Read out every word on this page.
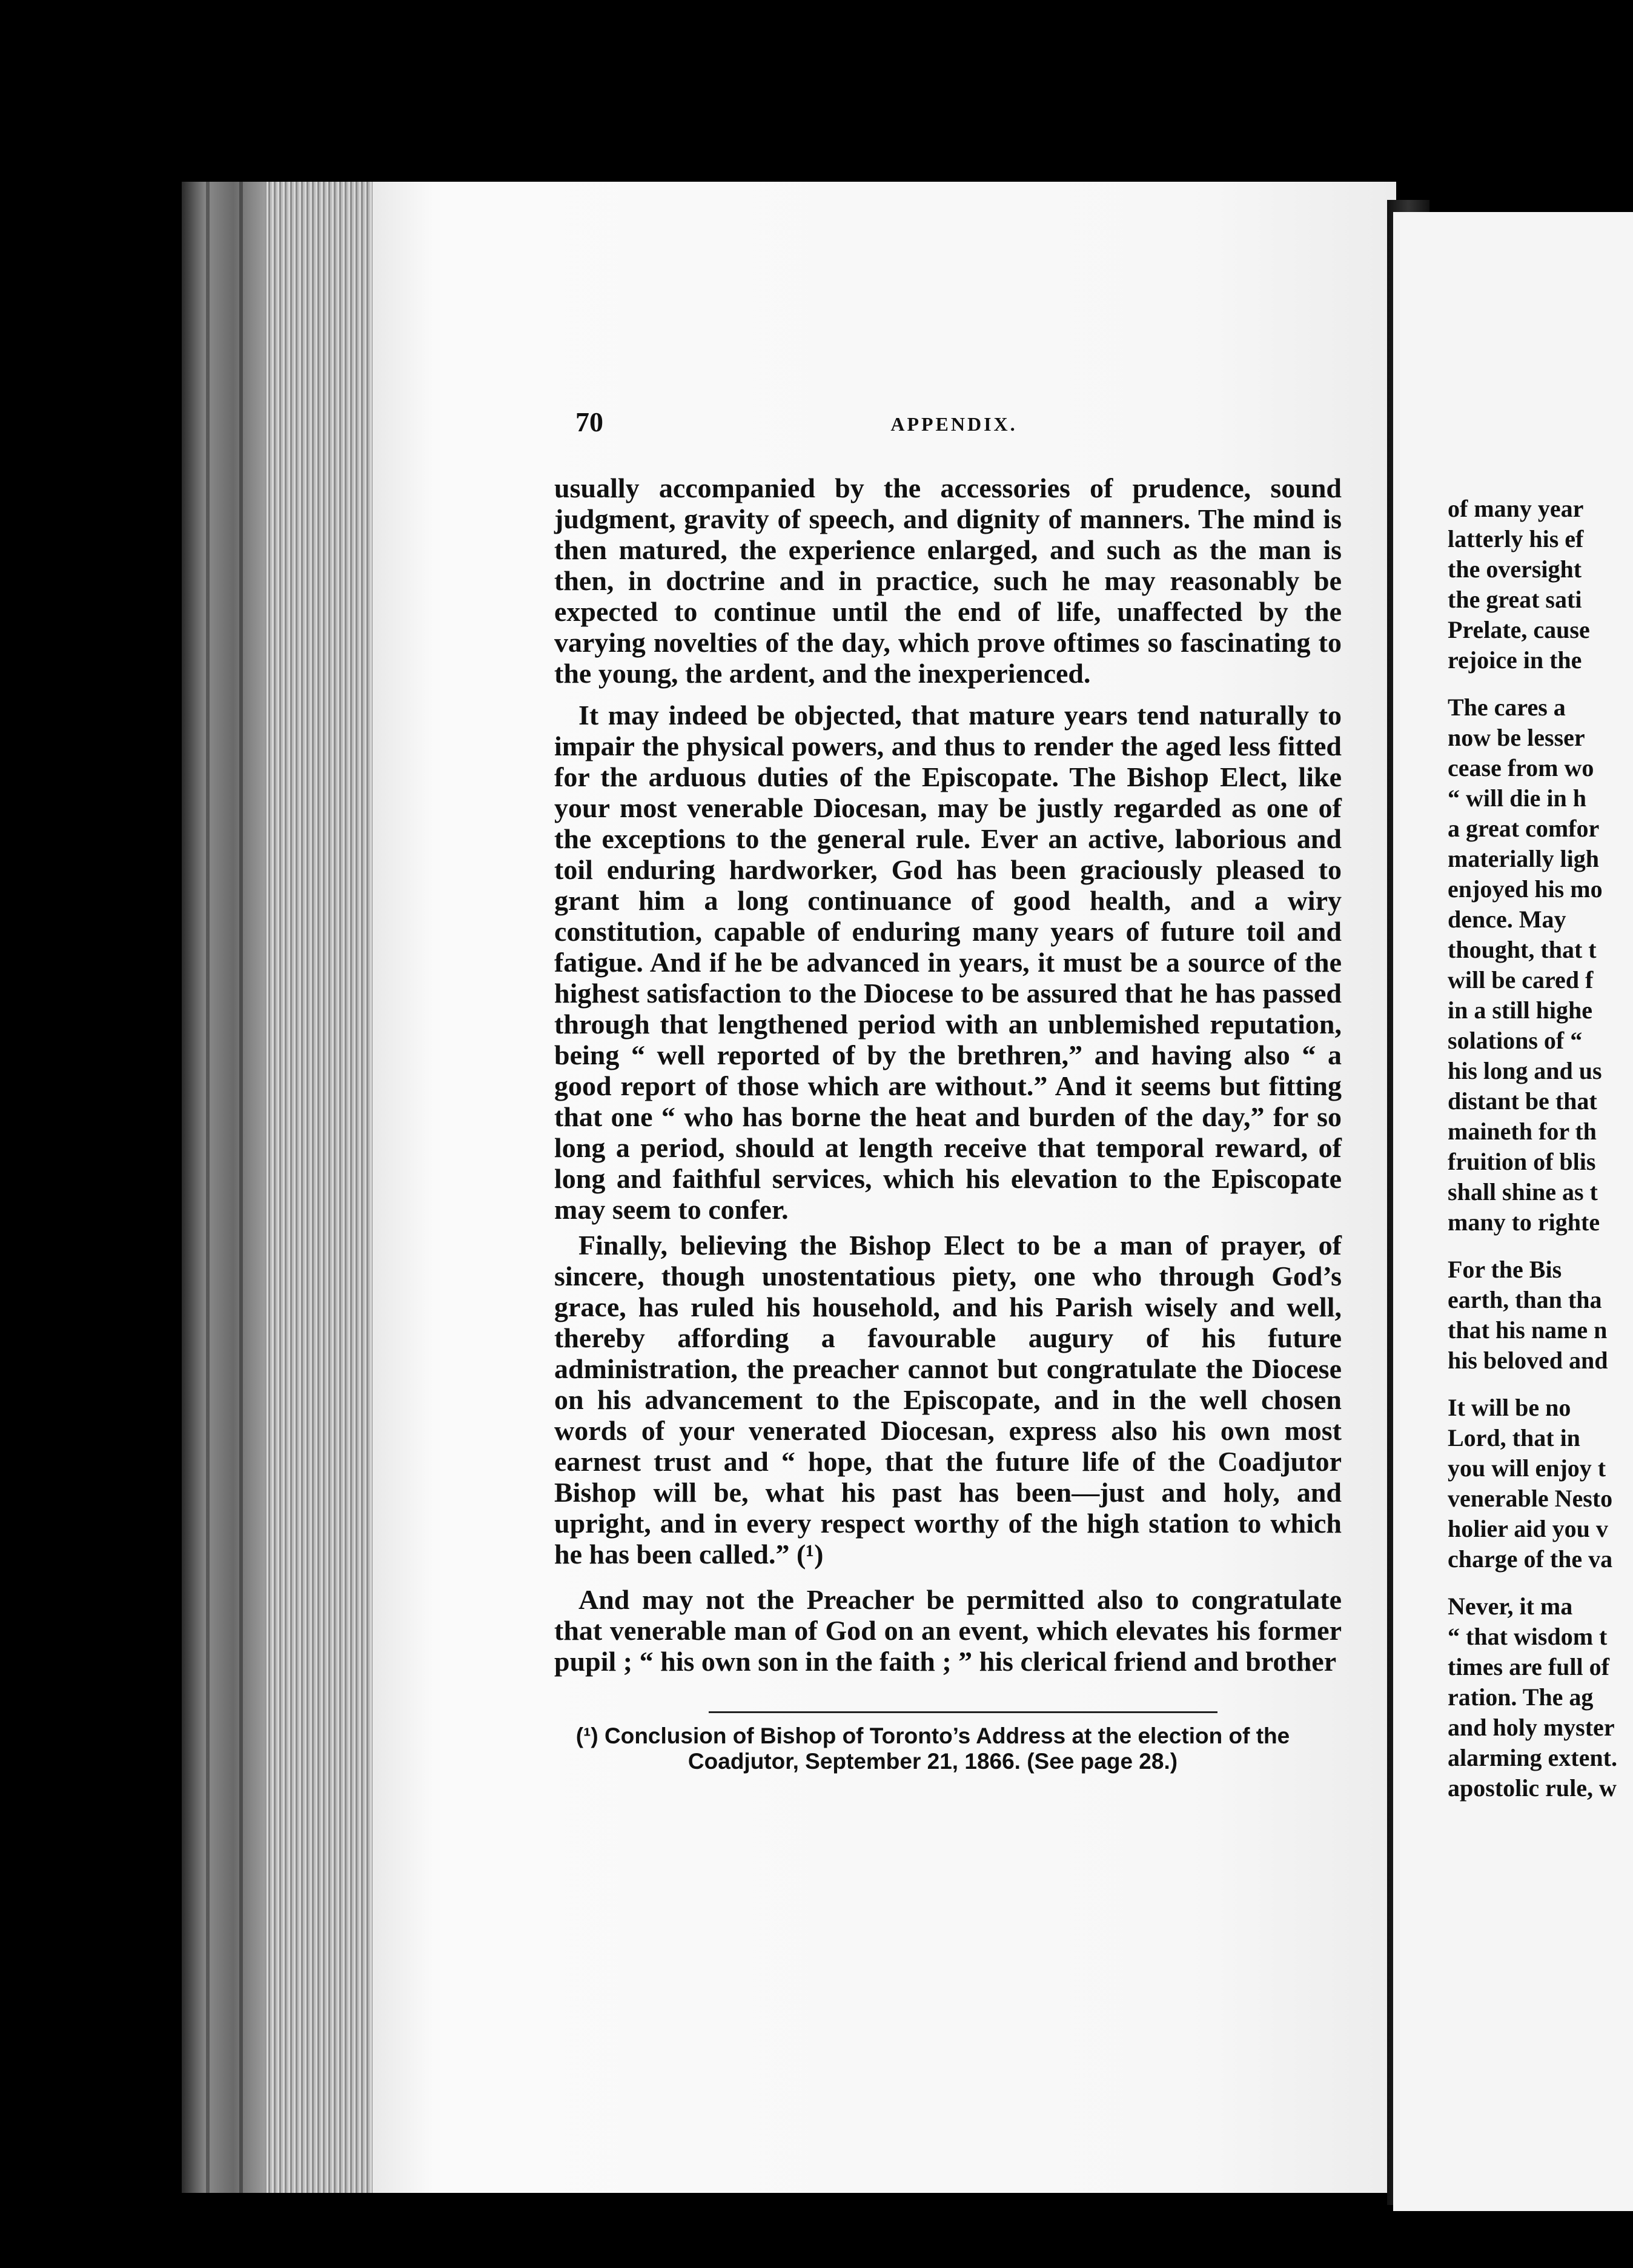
70	APPENDIX.

usually accompanied by the accessories of prudence, sound judgment, gravity of speech, and dignity of manners. The mind is then matured, the experience enlarged, and such as the man is then, in doctrine and in practice, such he may reasonably be expected to continue until the end of life, unaffected by the varying novelties of the day, which prove oftimes so fascinating to the young, the ardent, and the inexperienced.

It may indeed be objected, that mature years tend naturally to impair the physical powers, and thus to render the aged less fitted for the arduous duties of the Episcopate. The Bishop Elect, like your most venerable Diocesan, may be justly regarded as one of the exceptions to the general rule. Ever an active, laborious and toil enduring hardworker, God has been graciously pleased to grant him a long continuance of good health, and a wiry constitution, capable of enduring many years of future toil and fatigue. And if he be advanced in years, it must be a source of the highest satisfaction to the Diocese to be assured that he has passed through that lengthened period with an unblemished reputation, being “ well reported of by the brethren,” and having also “ a good report of those which are without.” And it seems but fitting that one “ who has borne the heat and burden of the day,” for so long a period, should at length receive that temporal reward, of long and faithful services, which his elevation to the Episcopate may seem to confer.

Finally, believing the Bishop Elect to be a man of prayer, of sincere, though unostentatious piety, one who through God’s grace, has ruled his household, and his Parish wisely and well, thereby affording a favourable augury of his future administration, the preacher cannot but congratulate the Diocese on his advancement to the Episcopate, and in the well chosen words of your venerated Diocesan, express also his own most earnest trust and “ hope, that the future life of the Coadjutor Bishop will be, what his past has been—just and holy, and upright, and in every respect worthy of the high station to which he has been called.” (¹)

And may not the Preacher be permitted also to congratulate that venerable man of God on an event, which elevates his former pupil ; “ his own son in the faith ; ” his clerical friend and brother

(¹) Conclusion of Bishop of Toronto’s Address at the election of the Coadjutor, September 21, 1866. (See page 28.)
of many year
latterly his ef
the oversight
the great sati
Prelate, cause
rejoice in the
The cares a
now be lesser
cease from wo
“ will die in h
a great comfor
materially ligh
enjoyed his mo
dence. May
thought, that t
will be cared f
in a still highe
solations of “
his long and us
distant be that
maineth for th
fruition of blis
shall shine as t
many to righte
For the Bis
earth, than tha
that his name n
his beloved and
It will be no
Lord, that in
you will enjoy t
venerable Nesto
holier aid you v
charge of the va
Never, it ma
“ that wisdom t
times are full of
ration. The ag
and holy myster
alarming extent.
apostolic rule, w
